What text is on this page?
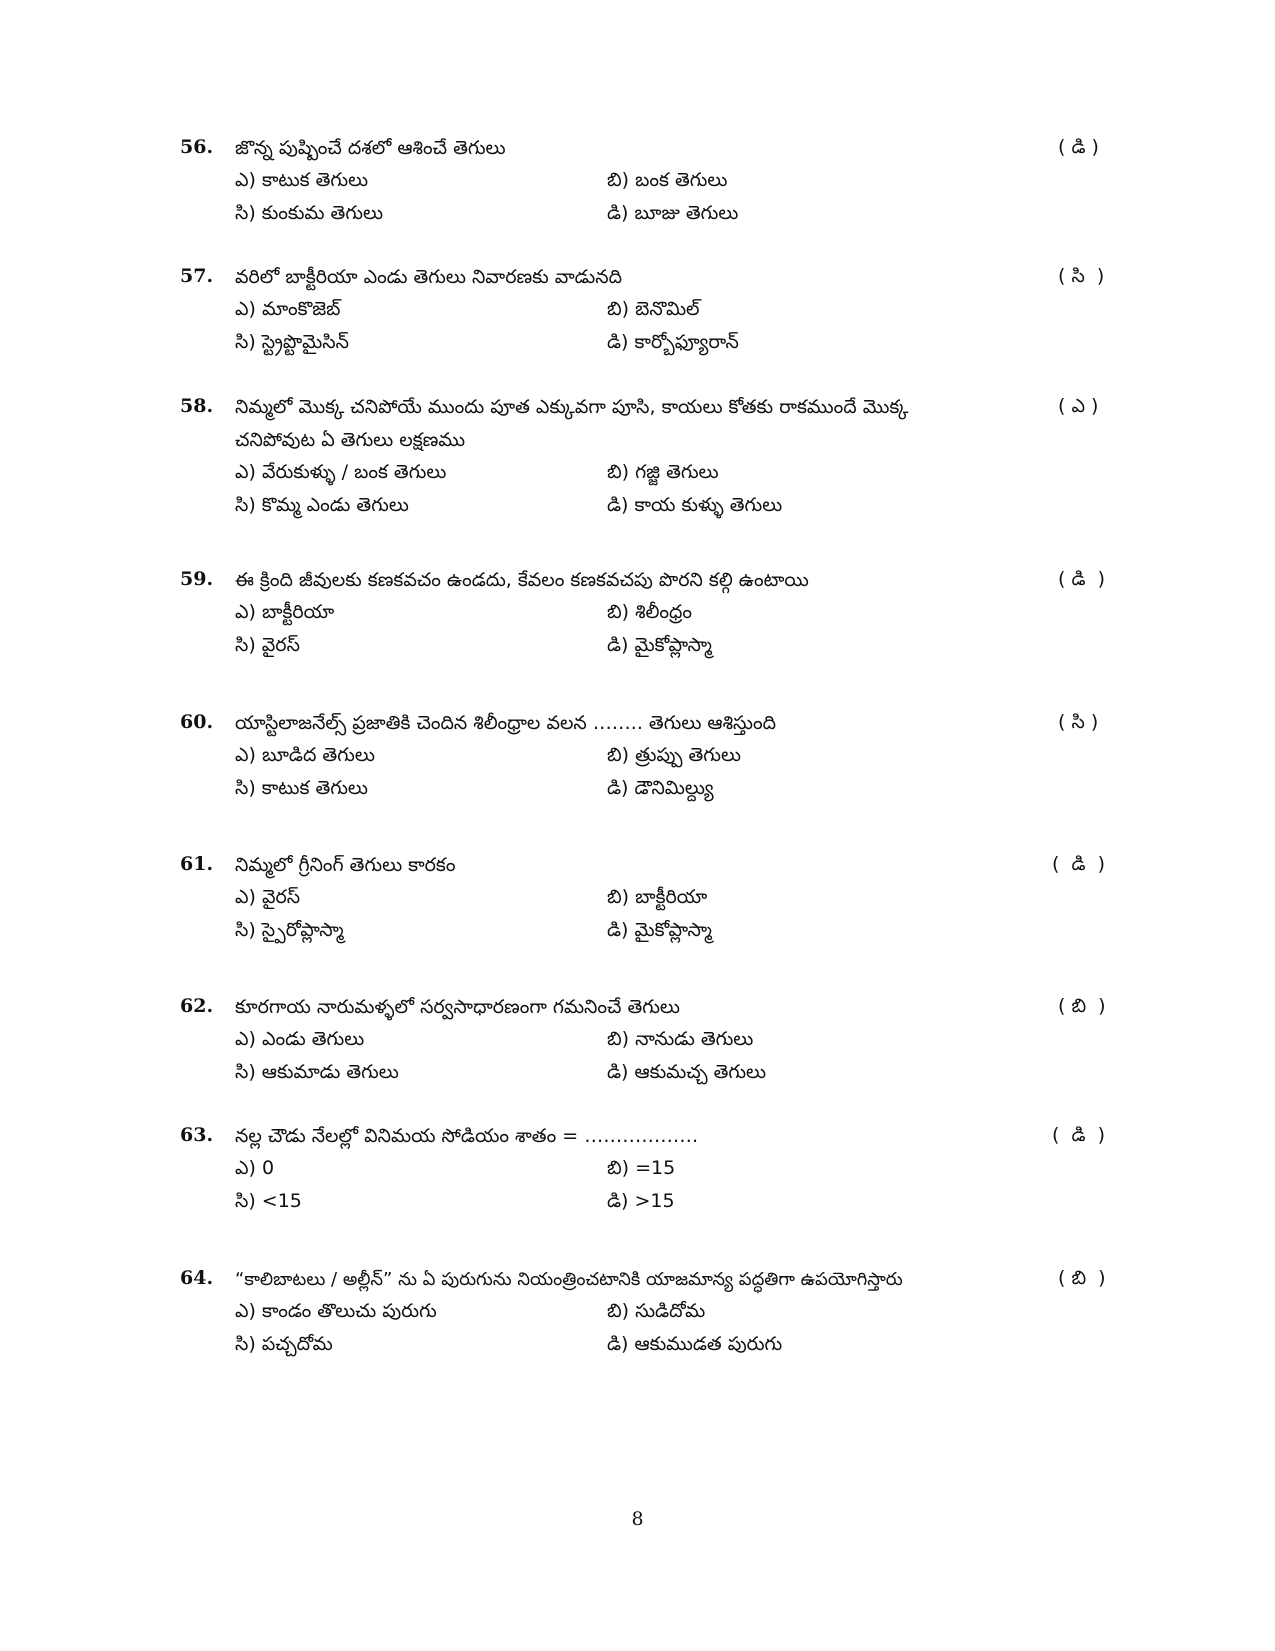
56.	జొన్న పుష్పించే దశలో ఆశించే తెగులు	( డి )
ఎ) కాటుక తెగులు	బి) బంక తెగులు
సి) కుంకుమ తెగులు	డి) బూజు తెగులు
57.	వరిలో బాక్టీరియా ఎండు తెగులు నివారణకు వాడునది	( సి  )
ఎ) మాంకొజెబ్	బి) బెనొమిల్
సి) స్ట్రెప్టొమైసిన్	డి) కార్బోఫ్యూరాన్
58.	నిమ్మలో మొక్క చనిపోయే ముందు పూత ఎక్కువగా పూసి, కాయలు కోతకు రాకముందే మొక్క చనిపోవుట ఏ తెగులు లక్షణము
( ఎ )
ఎ) వేరుకుళ్ళు / బంక తెగులు	బి) గజ్జి తెగులు
సి) కొమ్మ ఎండు తెగులు	డి) కాయ కుళ్ళు తెగులు
59.	ఈ క్రింది జీవులకు కణకవచం ఉండదు, కేవలం కణకవచపు పొరని కల్గి ఉంటాయి	( డి  )
ఎ) బాక్టీరియా	బి) శిలీంధ్రం
సి) వైరస్	డి) మైకోప్లాస్మా
60.	యాస్టిలాజనేల్స్ ప్రజాతికి చెందిన శిలీంధ్రాల వలన …….. తెగులు ఆశిస్తుంది	( సి )
ఎ) బూడిద తెగులు	బి) త్రుప్పు తెగులు
సి) కాటుక తెగులు	డి) డౌనిమిల్ద్యు
61.	నిమ్మలో గ్రీనింగ్ తెగులు కారకం	(  డి  )
ఎ) వైరస్	బి) బాక్టీరియా
సి) స్పైరోప్లాస్మా	డి) మైకోప్లాస్మా
62.	కూరగాయ నారుమళ్ళలో సర్వసాధారణంగా గమనించే తెగులు	( బి  )
ఎ) ఎండు తెగులు	బి) నానుడు తెగులు
సి) ఆకుమాడు తెగులు	డి) ఆకుమచ్చ తెగులు
63.	నల్ల చౌడు నేలల్లో వినిమయ సోడియం శాతం = ………………	(  డి  )
ఎ) 0	బి) =15
సి) <15	డి) >15
64.	“కాలిబాటలు / అల్లీన్” ను ఏ పురుగును నియంత్రించటానికి యాజమాన్య పద్ధతిగా ఉపయోగిస్తారు	( బి  )
ఎ) కాండం తొలుచు పురుగు	బి) సుడిదోమ
సి) పచ్చదోమ	డి) ఆకుముడత పురుగు
8
